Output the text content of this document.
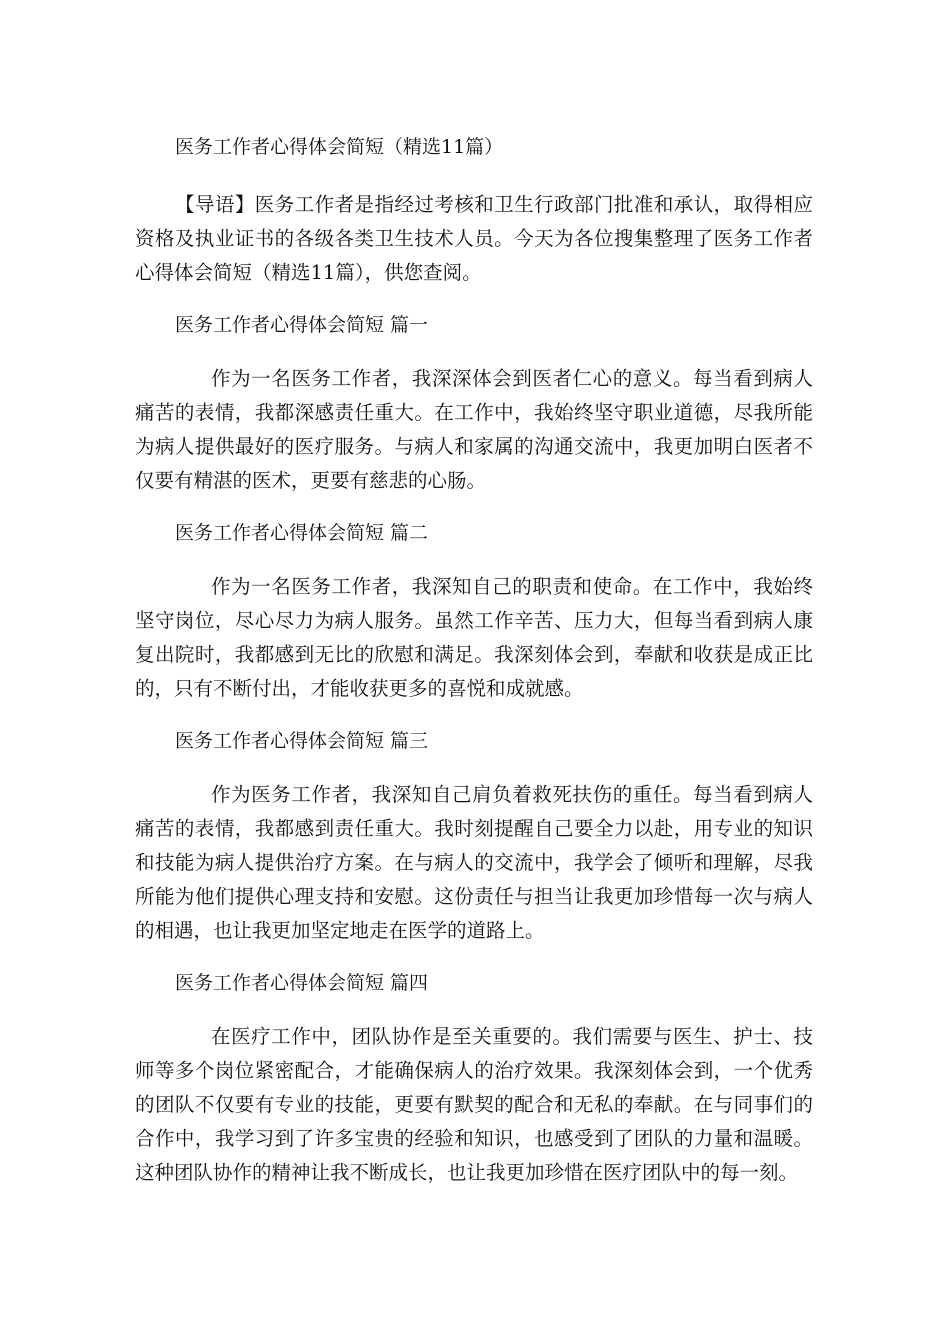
医务工作者心得体会简短（精选11篇）

【导语】医务工作者是指经过考核和卫生行政部门批准和承认，取得相应资格及执业证书的各级各类卫生技术人员。今天为各位搜集整理了医务工作者心得体会简短（精选11篇），供您查阅。

医务工作者心得体会简短 篇一

作为一名医务工作者，我深深体会到医者仁心的意义。每当看到病人痛苦的表情，我都深感责任重大。在工作中，我始终坚守职业道德，尽我所能为病人提供最好的医疗服务。与病人和家属的沟通交流中，我更加明白医者不仅要有精湛的医术，更要有慈悲的心肠。

医务工作者心得体会简短 篇二

作为一名医务工作者，我深知自己的职责和使命。在工作中，我始终坚守岗位，尽心尽力为病人服务。虽然工作辛苦、压力大，但每当看到病人康复出院时，我都感到无比的欣慰和满足。我深刻体会到，奉献和收获是成正比的，只有不断付出，才能收获更多的喜悦和成就感。

医务工作者心得体会简短 篇三

作为医务工作者，我深知自己肩负着救死扶伤的重任。每当看到病人痛苦的表情，我都感到责任重大。我时刻提醒自己要全力以赴，用专业的知识和技能为病人提供治疗方案。在与病人的交流中，我学会了倾听和理解，尽我所能为他们提供心理支持和安慰。这份责任与担当让我更加珍惜每一次与病人的相遇，也让我更加坚定地走在医学的道路上。

医务工作者心得体会简短 篇四

在医疗工作中，团队协作是至关重要的。我们需要与医生、护士、技师等多个岗位紧密配合，才能确保病人的治疗效果。我深刻体会到，一个优秀的团队不仅要有专业的技能，更要有默契的配合和无私的奉献。在与同事们的合作中，我学习到了许多宝贵的经验和知识，也感受到了团队的力量和温暖。这种团队协作的精神让我不断成长，也让我更加珍惜在医疗团队中的每一刻。
